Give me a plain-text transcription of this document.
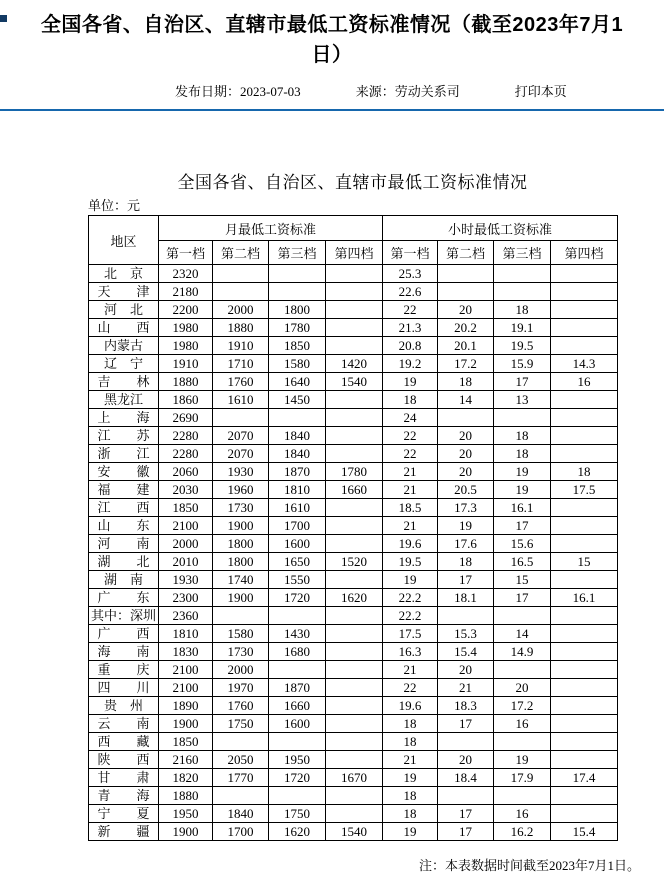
全国各省、自治区、直辖市最低工资标准情况（截至2023年7月1日）
发布日期：2023-07-03	来源：劳动关系司	打印本页
全国各省、自治区、直辖市最低工资标准情况
单位：元
地区	月最低工资标准				小时最低工资标准			
	第一档	第二档	第三档	第四档	第一档	第二档	第三档	第四档
北　京	2320				25.3			
天　　津	2180				22.6			
河　北	2200	2000	1800		22	20	18	
山　　西	1980	1880	1780		21.3	20.2	19.1	
内蒙古	1980	1910	1850		20.8	20.1	19.5	
辽　宁	1910	1710	1580	1420	19.2	17.2	15.9	14.3
吉　　林	1880	1760	1640	1540	19	18	17	16
黑龙江	1860	1610	1450		18	14	13	
上　　海	2690				24			
江　　苏	2280	2070	1840		22	20	18	
浙　　江	2280	2070	1840		22	20	18	
安　　徽	2060	1930	1870	1780	21	20	19	18
福　　建	2030	1960	1810	1660	21	20.5	19	17.5
江　　西	1850	1730	1610		18.5	17.3	16.1	
山　　东	2100	1900	1700		21	19	17	
河　　南	2000	1800	1600		19.6	17.6	15.6	
湖　　北	2010	1800	1650	1520	19.5	18	16.5	15
湖　南	1930	1740	1550		19	17	15	
广　　东	2300	1900	1720	1620	22.2	18.1	17	16.1
其中：深圳	2360				22.2			
广　　西	1810	1580	1430		17.5	15.3	14	
海　　南	1830	1730	1680		16.3	15.4	14.9	
重　　庆	2100	2000			21	20		
四　　川	2100	1970	1870		22	21	20	
贵　州	1890	1760	1660		19.6	18.3	17.2	
云　　南	1900	1750	1600		18	17	16	
西　　藏	1850				18			
陕　　西	2160	2050	1950		21	20	19	
甘　　肃	1820	1770	1720	1670	19	18.4	17.9	17.4
青　　海	1880				18			
宁　　夏	1950	1840	1750		18	17	16	
新　　疆	1900	1700	1620	1540	19	17	16.2	15.4
注：本表数据时间截至2023年7月1日。
